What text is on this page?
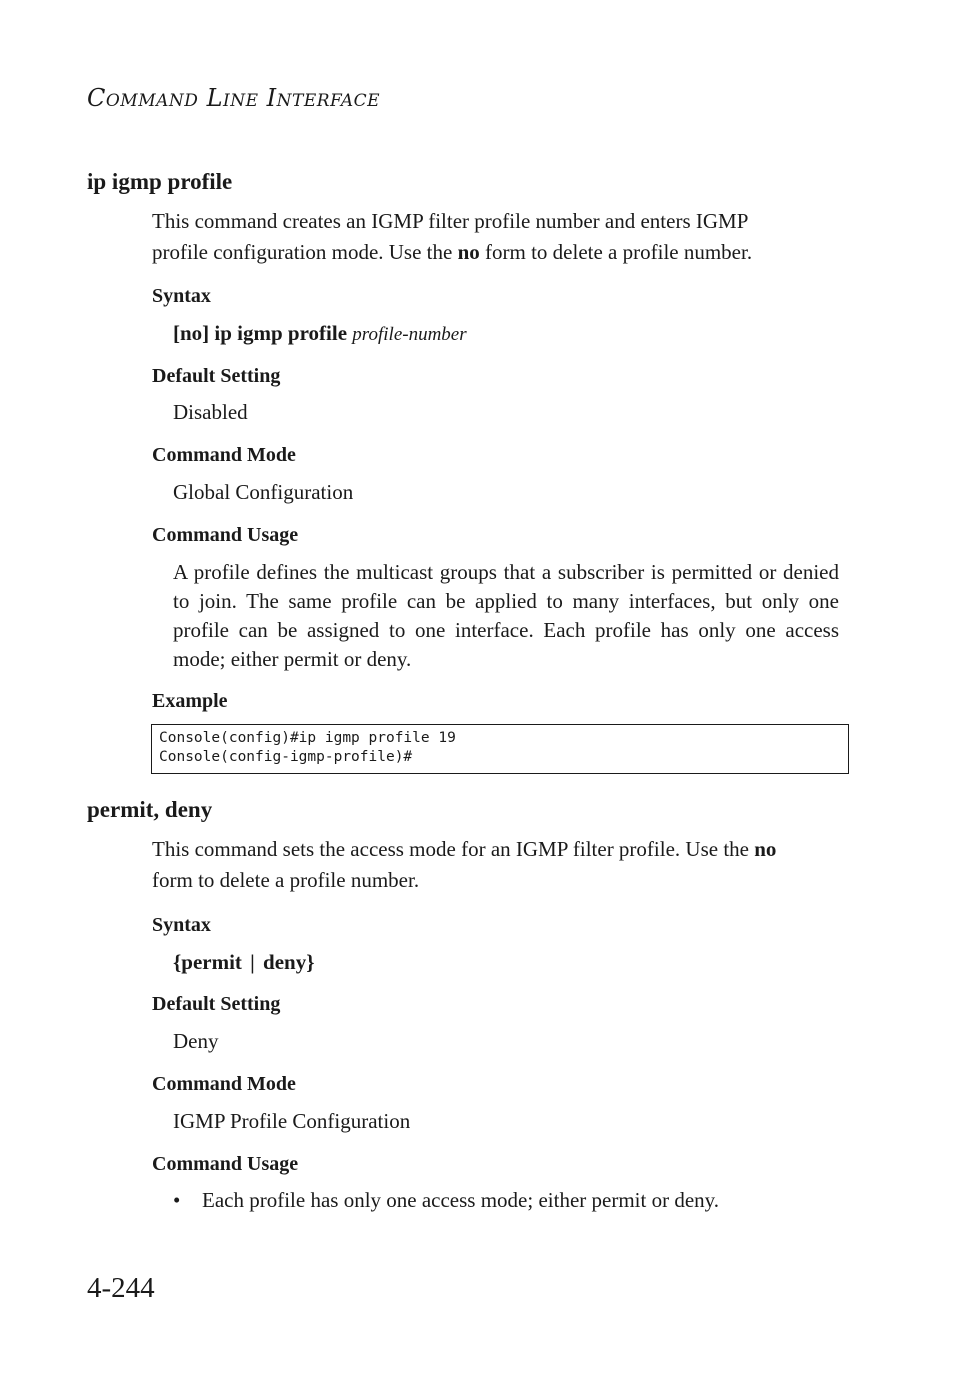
COMMAND LINE INTERFACE
ip igmp profile
This command creates an IGMP filter profile number and enters IGMP
profile configuration mode. Use the no form to delete a profile number.
Syntax
[no] ip igmp profile profile-number
Default Setting
Disabled
Command Mode
Global Configuration
Command Usage
A profile defines the multicast groups that a subscriber is permitted or denied to join. The same profile can be applied to many interfaces, but only one profile can be assigned to one interface. Each profile has only one access mode; either permit or deny.
Example
Console(config)#ip igmp profile 19
Console(config-igmp-profile)#
permit, deny
This command sets the access mode for an IGMP filter profile. Use the no
form to delete a profile number.
Syntax
{permit | deny}
Default Setting
Deny
Command Mode
IGMP Profile Configuration
Command Usage
• Each profile has only one access mode; either permit or deny.
4-244
